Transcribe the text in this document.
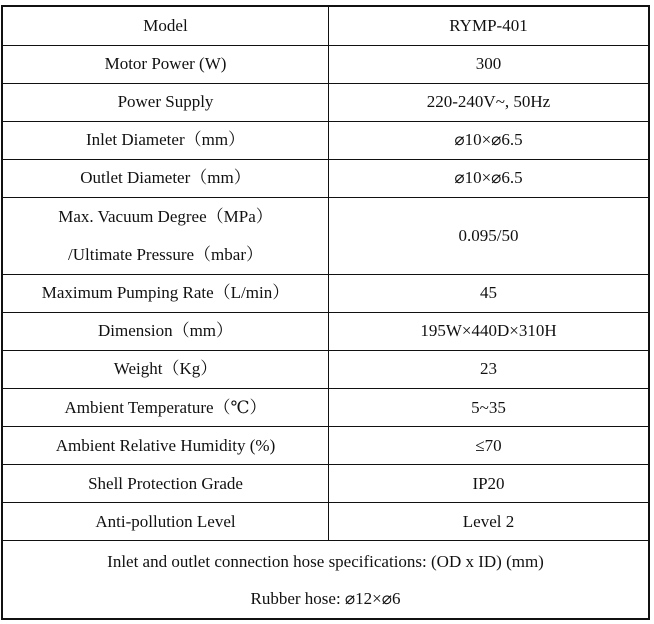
Model	RYMP-401
Motor Power (W)	300
Power Supply	220-240V~, 50Hz
Inlet Diameter（mm）	⌀10×⌀6.5
Outlet Diameter（mm）	⌀10×⌀6.5

Max. Vacuum Degree（MPa）
/Ultimate Pressure（mbar）	0.095/50
Maximum Pumping Rate（L/min）	45
Dimension（mm）	195W×440D×310H
Weight（Kg）	23
Ambient Temperature（℃）	5~35
Ambient Relative Humidity (%)	≤70
Shell Protection Grade	IP20
Anti-pollution Level	Level 2

Inlet and outlet connection hose specifications: (OD x ID) (mm)
Rubber hose: ⌀12×⌀6	
